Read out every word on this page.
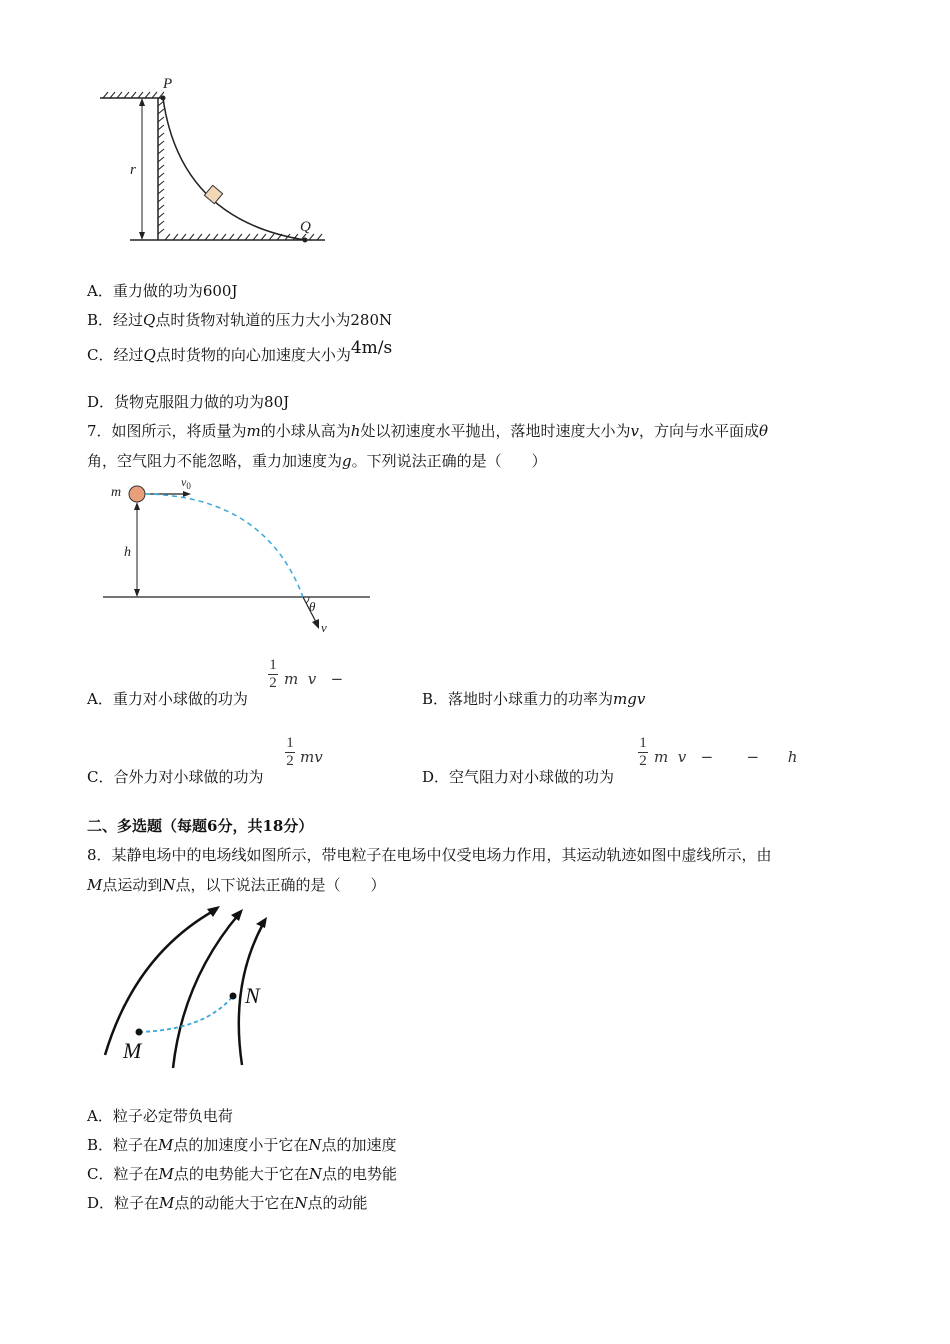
r
P
Q
A．重力做的功为600J
B．经过Q点时货物对轨道的压力大小为280N
C．经过Q点时货物的向心加速度大小为4m/s
D．货物克服阻力做的功为80J
7．如图所示，将质量为m的小球从高为h处以初速度水平抛出，落地时速度大小为v，方向与水平面成θ
角，空气阻力不能忽略，重力加速度为g。下列说法正确的是（　　）
m
$v_0$
h
θ
v
A．重力对小球做的功为
1
2 m v −
B．落地时小球重力的功率为mgv
C．合外力对小球做的功为
1
2 mv
D．空气阻力对小球做的功为
1
2 m v − − h
二、多选题（每题6分，共18分）
8．某静电场中的电场线如图所示，带电粒子在电场中仅受电场力作用，其运动轨迹如图中虚线所示，由
M点运动到N点，以下说法正确的是（　　）
M
N
A．粒子必定带负电荷
B．粒子在M点的加速度小于它在N点的加速度
C．粒子在M点的电势能大于它在N点的电势能
D．粒子在M点的动能大于它在N点的动能
